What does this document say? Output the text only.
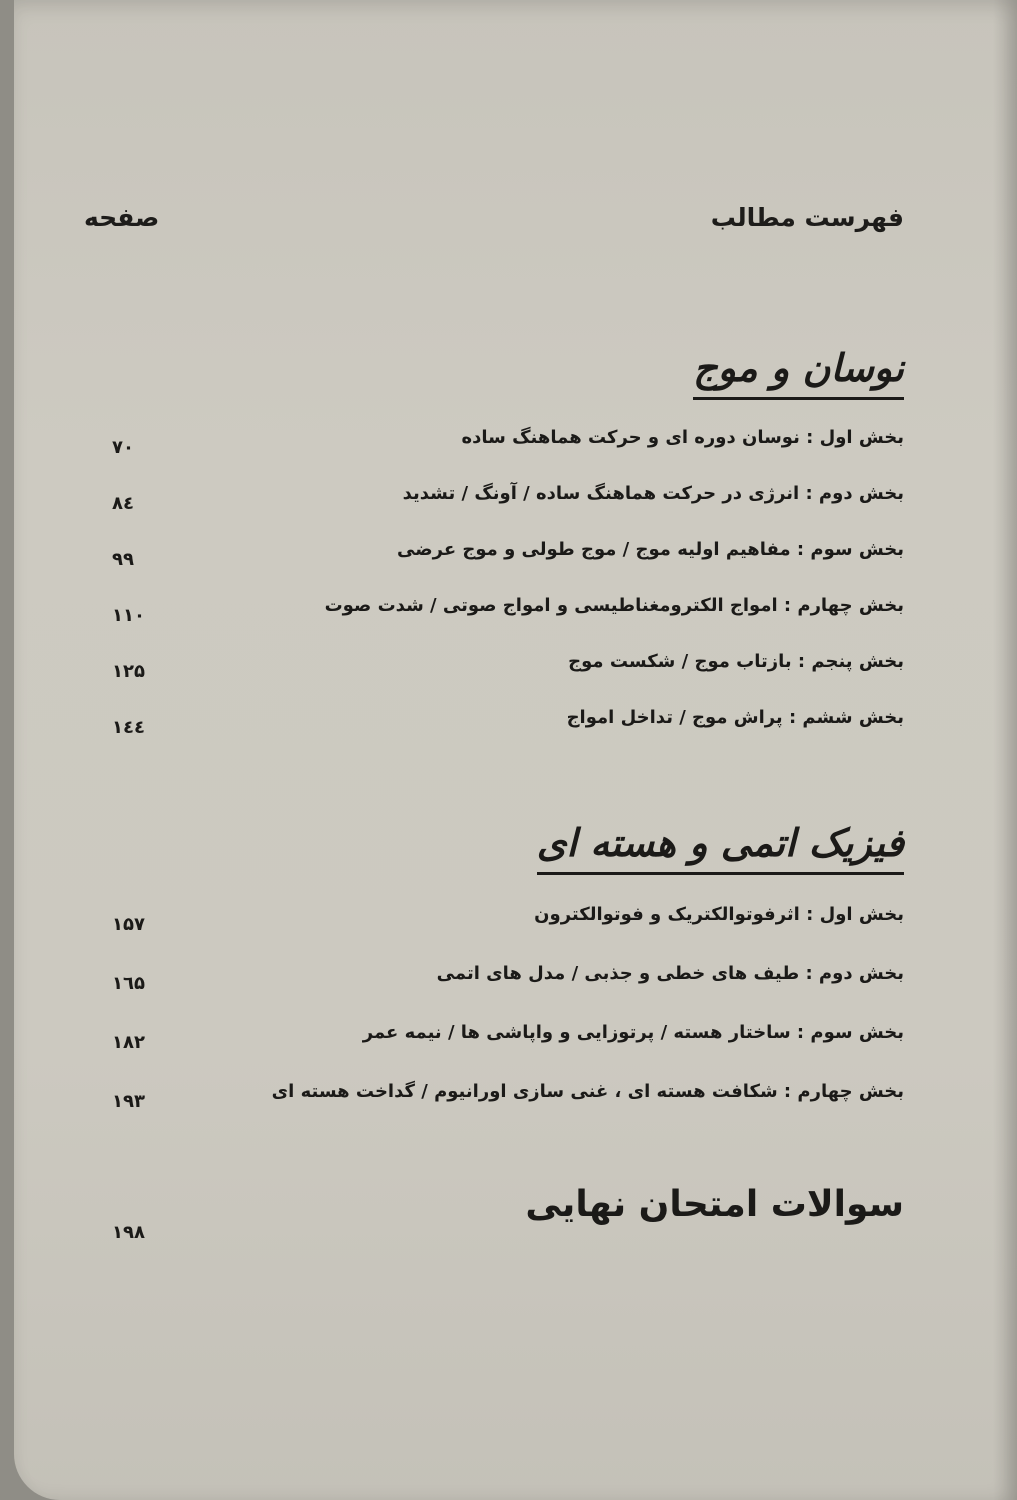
فهرست مطالب
صفحه
نوسان و موج
بخش اول : نوسان دوره ای و حرکت هماهنگ ساده
۷۰
بخش دوم : انرژی در حرکت هماهنگ ساده / آونگ / تشدید
۸٤
بخش سوم : مفاهیم اولیه موج / موج طولی و موج عرضی
۹۹
بخش چهارم : امواج الکترومغناطیسی و امواج صوتی / شدت صوت
۱۱۰
بخش پنجم : بازتاب موج / شکست موج
۱۲۵
بخش ششم : پراش موج / تداخل امواج
۱٤٤
فیزیک اتمی و هسته ای
بخش اول : اثرفوتوالکتریک و فوتوالکترون
۱۵۷
بخش دوم : طیف های خطی و جذبی / مدل های اتمی
۱٦۵
بخش سوم : ساختار هسته / پرتوزایی و واپاشی ها / نیمه عمر
۱۸۲
بخش چهارم : شکافت هسته ای ، غنی سازی اورانیوم / گداخت هسته ای
۱۹۳
سوالات امتحان نهایی
۱۹۸
